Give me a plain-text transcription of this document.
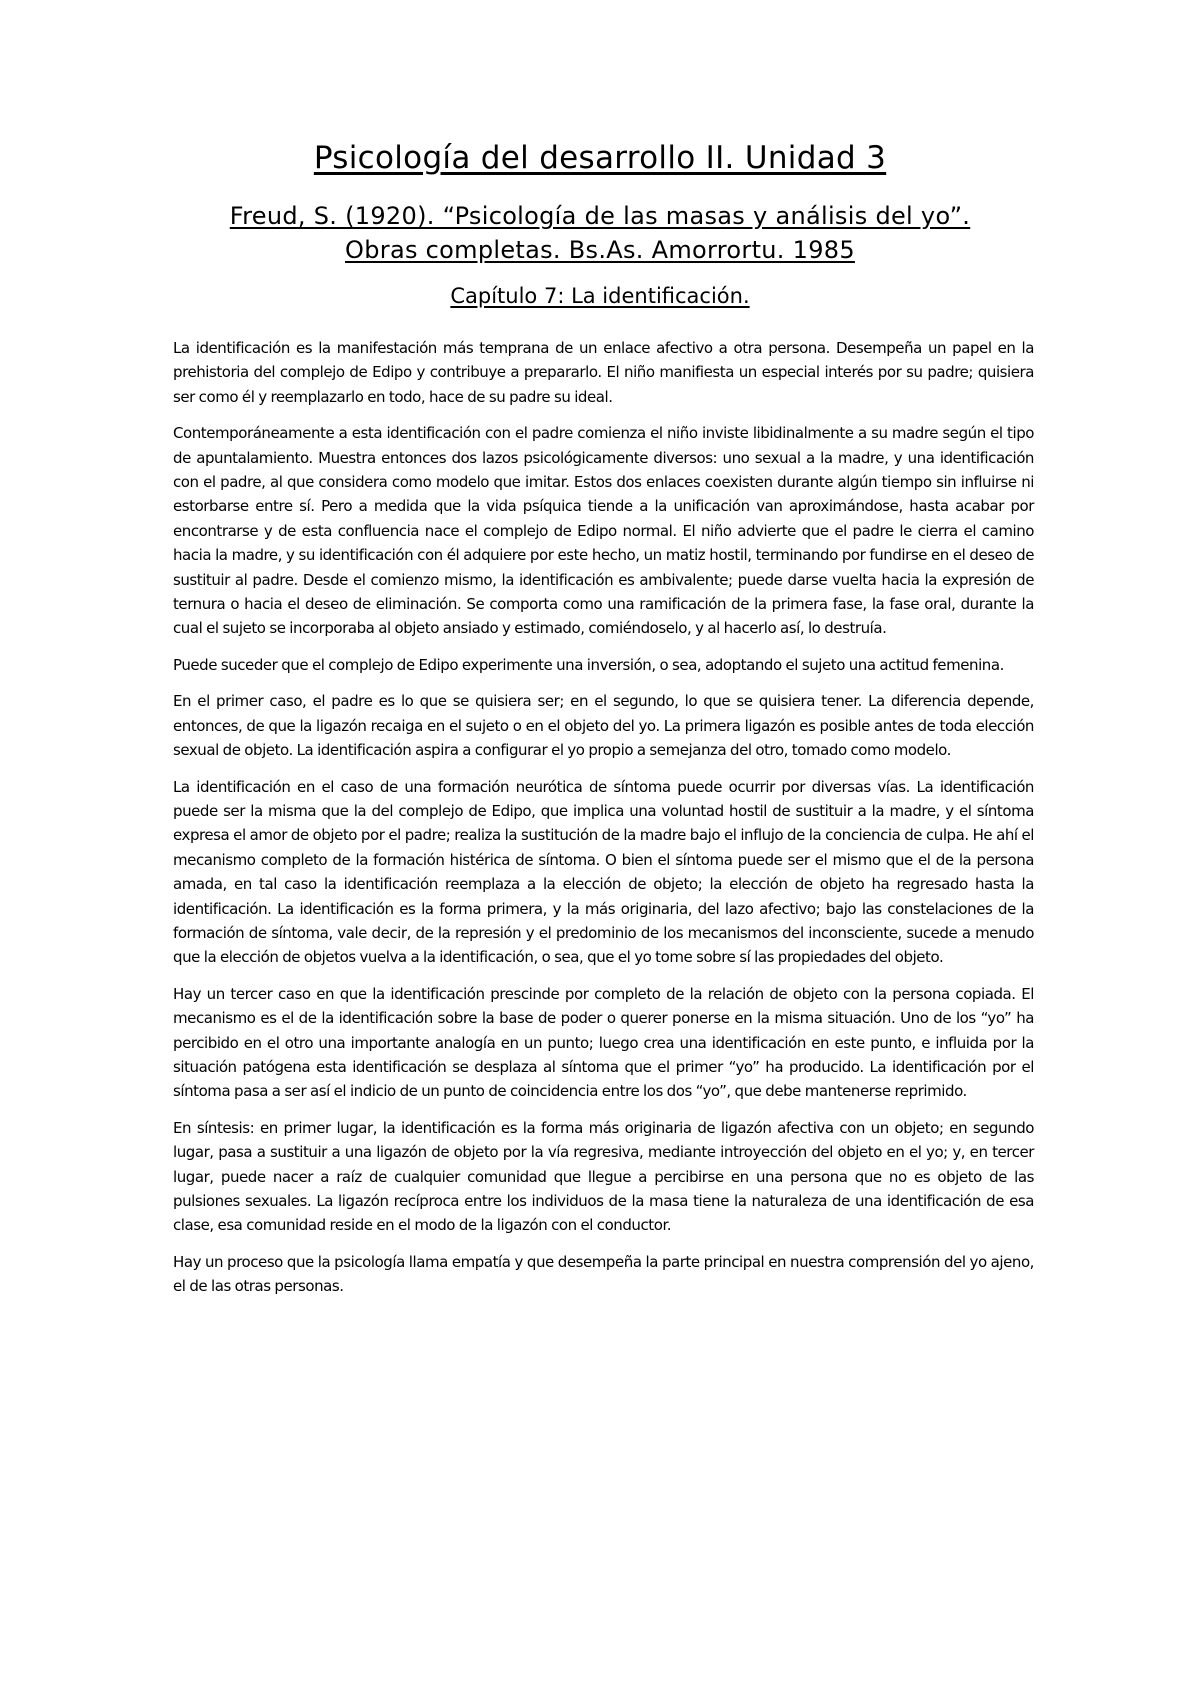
Psicología del desarrollo II. Unidad 3
Freud, S. (1920). “Psicología de las masas y análisis del yo”.
Obras completas. Bs.As. Amorrortu. 1985
Capítulo 7: La identificación.

La identificación es la manifestación más temprana de un enlace afectivo a otra persona. Desempeña un papel en la prehistoria del complejo de Edipo y contribuye a prepararlo. El niño manifiesta un especial interés por su padre; quisiera ser como él y reemplazarlo en todo, hace de su padre su ideal.

Contemporáneamente a esta identificación con el padre comienza el niño inviste libidinalmente a su madre según el tipo de apuntalamiento. Muestra entonces dos lazos psicológicamente diversos: uno sexual a la madre, y una identificación con el padre, al que considera como modelo que imitar. Estos dos enlaces coexisten durante algún tiempo sin influirse ni estorbarse entre sí. Pero a medida que la vida psíquica tiende a la unificación van aproximándose, hasta acabar por encontrarse y de esta confluencia nace el complejo de Edipo normal. El niño advierte que el padre le cierra el camino hacia la madre, y su identificación con él adquiere por este hecho, un matiz hostil, terminando por fundirse en el deseo de sustituir al padre. Desde el comienzo mismo, la identificación es ambivalente; puede darse vuelta hacia la expresión de ternura o hacia el deseo de eliminación. Se comporta como una ramificación de la primera fase, la fase oral, durante la cual el sujeto se incorporaba al objeto ansiado y estimado, comiéndoselo, y al hacerlo así, lo destruía.

Puede suceder que el complejo de Edipo experimente una inversión, o sea, adoptando el sujeto una actitud femenina.

En el primer caso, el padre es lo que se quisiera ser; en el segundo, lo que se quisiera tener. La diferencia depende, entonces, de que la ligazón recaiga en el sujeto o en el objeto del yo. La primera ligazón es posible antes de toda elección sexual de objeto. La identificación aspira a configurar el yo propio a semejanza del otro, tomado como modelo.

La identificación en el caso de una formación neurótica de síntoma puede ocurrir por diversas vías. La identificación puede ser la misma que la del complejo de Edipo, que implica una voluntad hostil de sustituir a la madre, y el síntoma expresa el amor de objeto por el padre; realiza la sustitución de la madre bajo el influjo de la conciencia de culpa. He ahí el mecanismo completo de la formación histérica de síntoma. O bien el síntoma puede ser el mismo que el de la persona amada, en tal caso la identificación reemplaza a la elección de objeto; la elección de objeto ha regresado hasta la identificación. La identificación es la forma primera, y la más originaria, del lazo afectivo; bajo las constelaciones de la formación de síntoma, vale decir, de la represión y el predominio de los mecanismos del inconsciente, sucede a menudo que la elección de objetos vuelva a la identificación, o sea, que el yo tome sobre sí las propiedades del objeto.

Hay un tercer caso en que la identificación prescinde por completo de la relación de objeto con la persona copiada. El mecanismo es el de la identificación sobre la base de poder o querer ponerse en la misma situación. Uno de los “yo” ha percibido en el otro una importante analogía en un punto; luego crea una identificación en este punto, e influida por la situación patógena esta identificación se desplaza al síntoma que el primer “yo” ha producido. La identificación por el síntoma pasa a ser así el indicio de un punto de coincidencia entre los dos “yo”, que debe mantenerse reprimido.

En síntesis: en primer lugar, la identificación es la forma más originaria de ligazón afectiva con un objeto; en segundo lugar, pasa a sustituir a una ligazón de objeto por la vía regresiva, mediante introyección del objeto en el yo; y, en tercer lugar, puede nacer a raíz de cualquier comunidad que llegue a percibirse en una persona que no es objeto de las pulsiones sexuales. La ligazón recíproca entre los individuos de la masa tiene la naturaleza de una identificación de esa clase, esa comunidad reside en el modo de la ligazón con el conductor.

Hay un proceso que la psicología llama empatía y que desempeña la parte principal en nuestra comprensión del yo ajeno, el de las otras personas.
